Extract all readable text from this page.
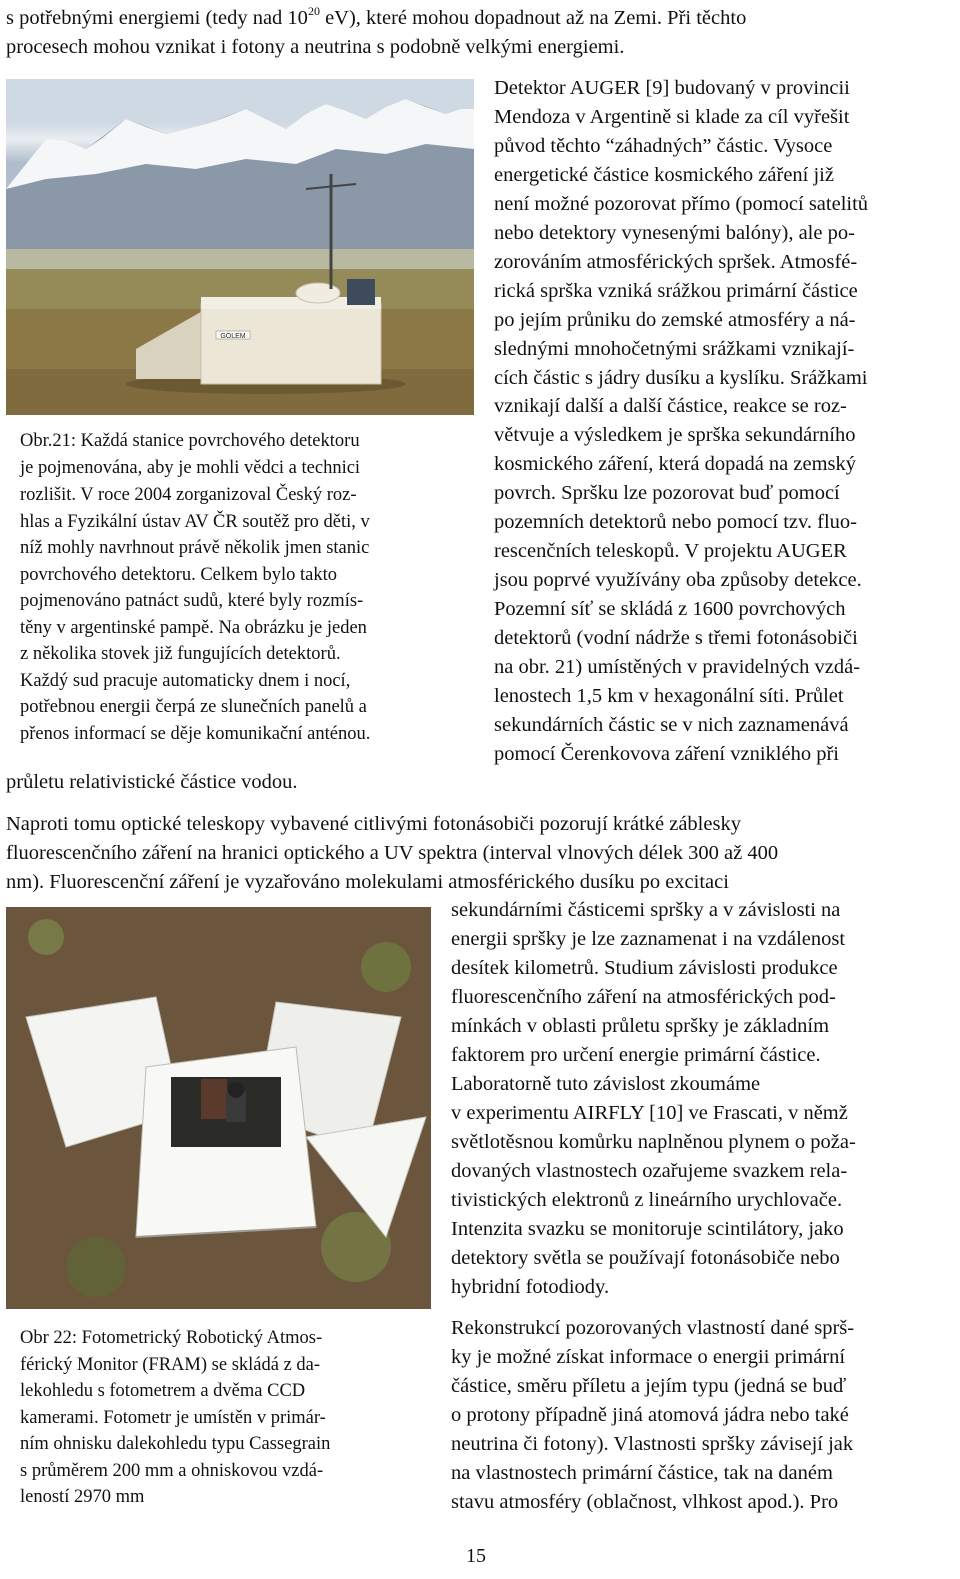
s potřebnými energiemi (tedy nad $10^{20}$ eV), které mohou dopadnout až na Zemi. Při těchto
procesech mohou vznikat i fotony a neutrina s podobně velkými energiemi.
GOLEM
Obr.21: Každá stanice povrchového detektoru
je pojmenována, aby je mohli vědci a technici
rozlišit. V roce 2004 zorganizoval Český roz-
hlas a Fyzikální ústav AV ČR soutěž pro děti, v
níž mohly navrhnout právě několik jmen stanic
povrchového detektoru. Celkem bylo takto
pojmenováno patnáct sudů, které byly rozmís-
těny v argentinské pampě. Na obrázku je jeden
z několika stovek již fungujících detektorů.
Každý sud pracuje automaticky dnem i nocí,
potřebnou energii čerpá ze slunečních panelů a
přenos informací se děje komunikační anténou.
Detektor AUGER [9] budovaný v provincii
Mendoza v Argentině si klade za cíl vyřešit
původ těchto “záhadných” částic. Vysoce
energetické částice kosmického záření již
není možné pozorovat přímo (pomocí satelitů
nebo detektory vynesenými balóny), ale po-
zorováním atmosférických spršek. Atmosfé-
rická sprška vzniká srážkou primární částice
po jejím průniku do zemské atmosféry a ná-
slednými mnohočetnými srážkami vznikají-
cích částic s jádry dusíku a kyslíku. Srážkami
vznikají další a další částice, reakce se roz-
větvuje a výsledkem je sprška sekundárního
kosmického záření, která dopadá na zemský
povrch. Spršku lze pozorovat buď pomocí
pozemních detektorů nebo pomocí tzv. fluo-
rescenčních teleskopů. V projektu AUGER
jsou poprvé využívány oba způsoby detekce.
Pozemní síť se skládá z 1600 povrchových
detektorů (vodní nádrže s třemi fotonásobiči
na obr. 21) umístěných v pravidelných vzdá-
lenostech 1,5 km v hexagonální síti. Průlet
sekundárních částic se v nich zaznamenává
pomocí Čerenkovova záření vzniklého při
průletu relativistické částice vodou.
Naproti tomu optické teleskopy vybavené citlivými fotonásobiči pozorují krátké záblesky
fluorescenčního záření na hranici optického a UV spektra (interval vlnových délek 300 až 400
nm). Fluorescenční záření je vyzařováno molekulami atmosférického dusíku po excitaci
sekundárními částicemi spršky a v závislosti na
energii spršky je lze zaznamenat i na vzdálenost
desítek kilometrů. Studium závislosti produkce
fluorescenčního záření na atmosférických pod-
mínkách v oblasti průletu spršky je základním
faktorem pro určení energie primární částice.
Laboratorně tuto závislost zkoumáme
v experimentu AIRFLY [10] ve Frascati, v němž
světlotěsnou komůrku naplněnou plynem o poža-
dovaných vlastnostech ozařujeme svazkem rela-
tivistických elektronů z lineárního urychlovače.
Intenzita svazku se monitoruje scintilátory, jako
detektory světla se používají fotonásobiče nebo
hybridní fotodiody.
Rekonstrukcí pozorovaných vlastností dané sprš-
ky je možné získat informace o energii primární
částice, směru příletu a jejím typu (jedná se buď
o protony případně jiná atomová jádra nebo také
neutrina či fotony). Vlastnosti spršky závisejí jak
na vlastnostech primární částice, tak na daném
stavu atmosféry (oblačnost, vlhkost apod.). Pro
Obr 22: Fotometrický Robotický Atmos-
férický Monitor (FRAM) se skládá z da-
lekohledu s fotometrem a dvěma CCD
kamerami. Fotometr je umístěn v primár-
ním ohnisku dalekohledu typu Cassegrain
s průměrem 200 mm a ohniskovou vzdá-
leností 2970 mm
15
